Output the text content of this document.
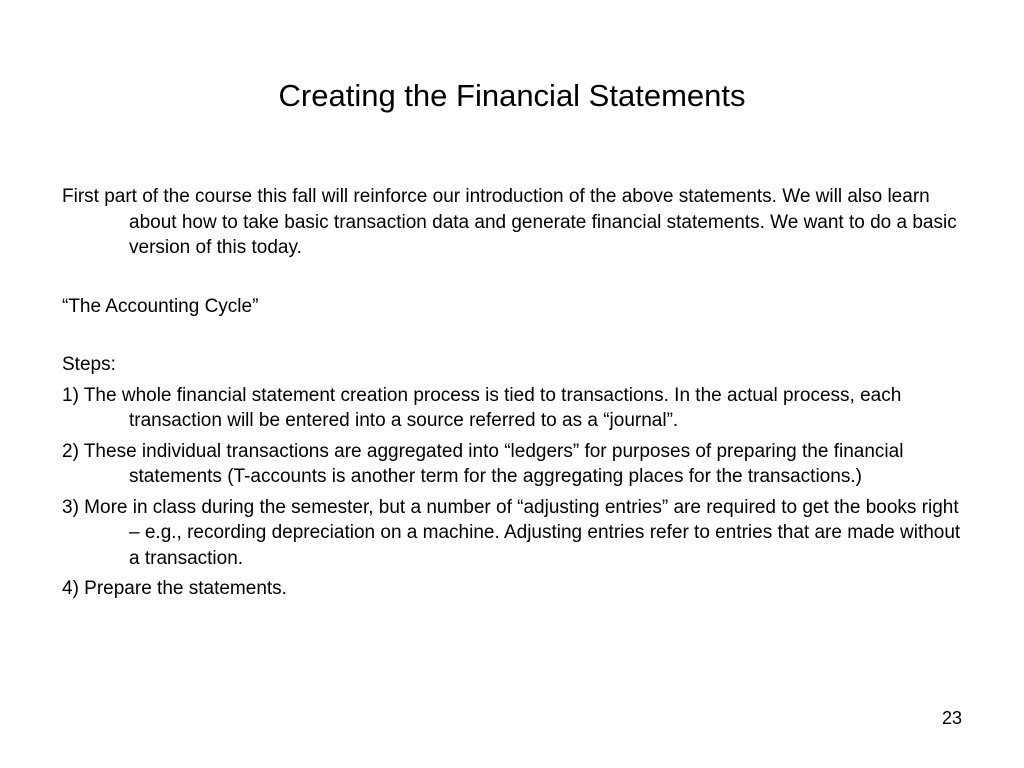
Creating the Financial Statements

First part of the course this fall will reinforce our introduction of the above statements. We will also learn about how to take basic transaction data and generate financial statements. We want to do a basic version of this today.

“The Accounting Cycle”

Steps:

1) The whole financial statement creation process is tied to transactions. In the actual process, each transaction will be entered into a source referred to as a “journal”.

2) These individual transactions are aggregated into “ledgers” for purposes of preparing the financial statements (T-accounts is another term for the aggregating places for the transactions.)

3) More in class during the semester, but a number of “adjusting entries” are required to get the books right – e.g., recording depreciation on a machine. Adjusting entries refer to entries that are made without a transaction.

4) Prepare the statements.

23
